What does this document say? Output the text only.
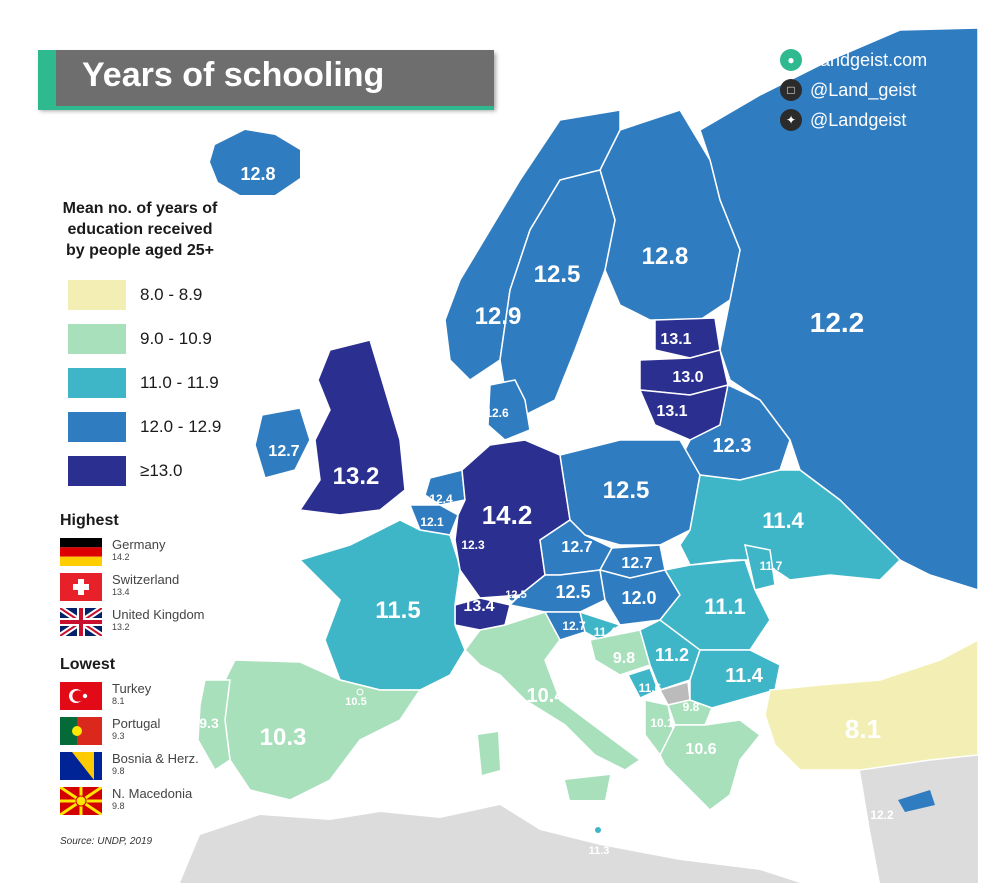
12.8
12.9
12.5
12.8
12.2
13.1
13.0
13.1
12.3
12.6
12.7
13.2
12.4
12.1
12.3
14.2
12.5
11.4
11.7
12.7
12.7
12.5
12.5	12.0
13.4
11.5	11.1
12.7 11.4
11.2
9.8
11.6
11.4
9.8
10.1
10.6
8.1
12.2
10.4
10.5
10.3
9.3
11.3
Years of schooling	● Landgeist.com
□ @Land_geist
✦ @Landgeist
Mean no. of years of
education received
by people aged 25+
8.0 - 8.9
9.0 - 10.9
11.0 - 11.9
12.0 - 12.9
≥13.0
Highest
Germany
14.2
Switzerland
13.4
United Kingdom
13.2
Lowest
Turkey
8.1
Portugal
9.3
Bosnia & Herz.
9.8
N. Macedonia
9.8
Source: UNDP, 2019
